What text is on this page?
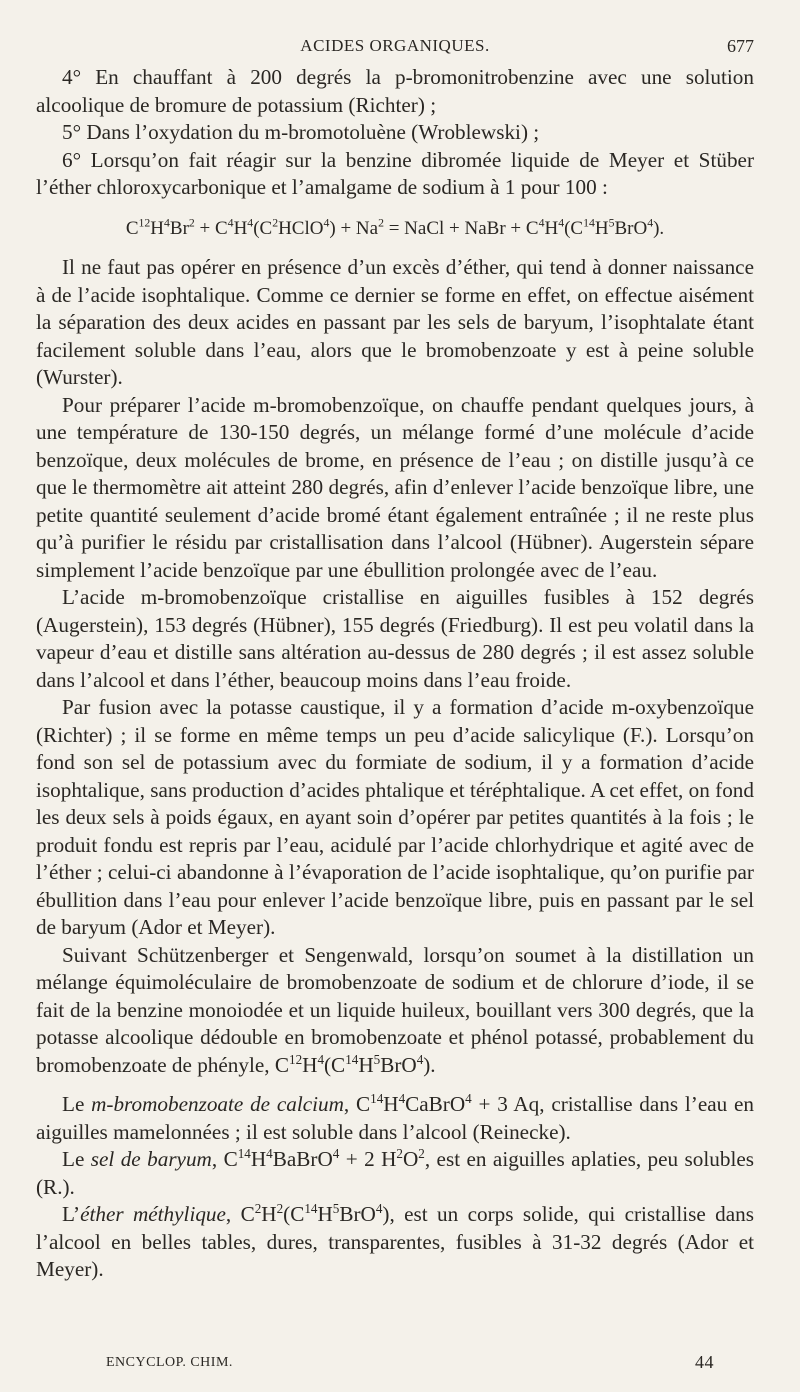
ACIDES ORGANIQUES.	677

4° En chauffant à 200 degrés la p-bromonitrobenzine avec une solution alcoolique de bromure de potassium (Richter) ;

5° Dans l’oxydation du m-bromotoluène (Wroblewski) ;

6° Lorsqu’on fait réagir sur la benzine dibromée liquide de Meyer et Stüber l’éther chloroxycarbonique et l’amalgame de sodium à 1 pour 100 :

$C^{12}H^4Br^2$ + $C^4H^4(C^2HClO^4) + Na^2$ = NaCl + NaBr + $C^4H^4(C^{14}H^5BrO^4)$.

Il ne faut pas opérer en présence d’un excès d’éther, qui tend à donner naissance à de l’acide isophtalique. Comme ce dernier se forme en effet, on effectue aisément la séparation des deux acides en passant par les sels de baryum, l’isophtalate étant facilement soluble dans l’eau, alors que le bromobenzoate y est à peine soluble (Wurster).

Pour préparer l’acide m-bromobenzoïque, on chauffe pendant quelques jours, à une température de 130-150 degrés, un mélange formé d’une molécule d’acide benzoïque, deux molécules de brome, en présence de l’eau ; on distille jusqu’à ce que le thermomètre ait atteint 280 degrés, afin d’enlever l’acide benzoïque libre, une petite quantité seulement d’acide bromé étant également entraînée ; il ne reste plus qu’à purifier le résidu par cristallisation dans l’alcool (Hübner). Augerstein sépare simplement l’acide benzoïque par une ébullition prolongée avec de l’eau.

L’acide m-bromobenzoïque cristallise en aiguilles fusibles à 152 degrés (Augerstein), 153 degrés (Hübner), 155 degrés (Friedburg). Il est peu volatil dans la vapeur d’eau et distille sans altération au-dessus de 280 degrés ; il est assez soluble dans l’alcool et dans l’éther, beaucoup moins dans l’eau froide.

Par fusion avec la potasse caustique, il y a formation d’acide m-oxybenzoïque (Richter) ; il se forme en même temps un peu d’acide salicylique (F.). Lorsqu’on fond son sel de potassium avec du formiate de sodium, il y a formation d’acide isophtalique, sans production d’acides phtalique et téréphtalique. A cet effet, on fond les deux sels à poids égaux, en ayant soin d’opérer par petites quantités à la fois ; le produit fondu est repris par l’eau, acidulé par l’acide chlorhydrique et agité avec de l’éther ; celui-ci abandonne à l’évaporation de l’acide isophtalique, qu’on purifie par ébullition dans l’eau pour enlever l’acide benzoïque libre, puis en passant par le sel de baryum (Ador et Meyer).

Suivant Schützenberger et Sengenwald, lorsqu’on soumet à la distillation un mélange équimoléculaire de bromobenzoate de sodium et de chlorure d’iode, il se fait de la benzine monoiodée et un liquide huileux, bouillant vers 300 degrés, que la potasse alcoolique dédouble en bromobenzoate et phénol potassé, probablement du bromobenzoate de phényle, $C^{12}H^4(C^{14}H^5BrO^4)$.

Le m-bromobenzoate de calcium, $C^{14}H^4CaBrO^4 + 3$ Aq, cristallise dans l’eau en aiguilles mamelonnées ; il est soluble dans l’alcool (Reinecke).

Le sel de baryum, $C^{14}H^4BaBrO^4 + 2$ $H^2O^2$, est en aiguilles aplaties, peu solubles (R.).

L’éther méthylique, $C^2H^2(C^{14}H^5BrO^4)$, est un corps solide, qui cristallise dans l’alcool en belles tables, dures, transparentes, fusibles à 31-32 degrés (Ador et Meyer).

ENCYCLOP. CHIM.	44
